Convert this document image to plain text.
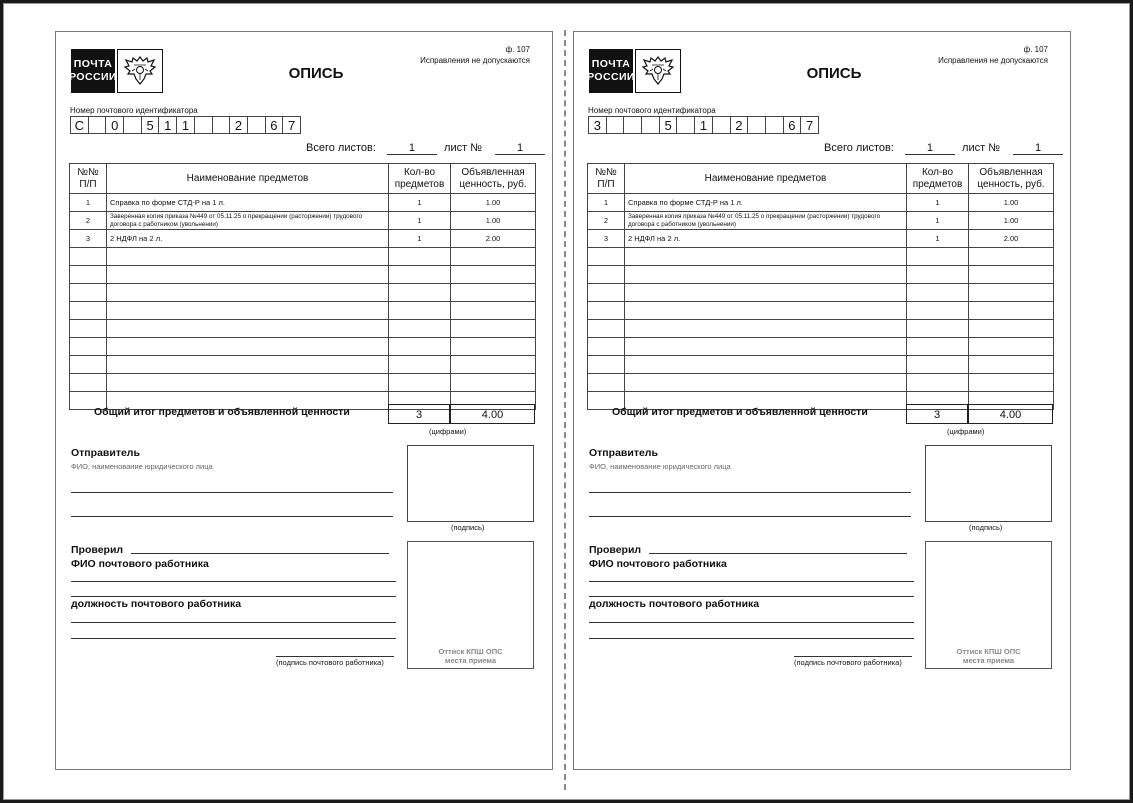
ПОЧТА
РОССИИ	ОПИСЬ
ф. 107
Исправления не допускаются
Номер почтового идентификатора
С	0	5 1 1	2	6 7
Всего листов:	1	лист №	1
№№ П/П	Наименование предметов	Кол-во предметов	Объявленная ценность, руб.
1	Справка по форме СТД-Р на 1 л.	1	1.00
2	Заверенная копия приказа №449 от 05.11.25 о прекращении (расторжении) трудового договора с работником (увольнении)	1	1.00
3	2 НДФЛ на 2 л.	1	2.00

Общий итог предметов и объявленной ценности	3	4.00
(цифрами)
Отправитель
ФИО, наименование юридического лица
(подпись)
Проверил
ФИО почтового работника
должность почтового работника
(подпись почтового работника)
Оттиск КПШ ОПС
места приема
ПОЧТА
РОССИИ	ОПИСЬ
ф. 107
Исправления не допускаются
Номер почтового идентификатора
3	5	1	2	6 7
Всего листов:	1	лист №	1
№№ П/П	Наименование предметов	Кол-во предметов	Объявленная ценность, руб.
1	Справка по форме СТД-Р на 1 л.	1	1.00
2	Заверенная копия приказа №449 от 05.11.25 о прекращении (расторжении) трудового договора с работником (увольнении)	1	1.00
3	2 НДФЛ на 2 л.	1	2.00

Общий итог предметов и объявленной ценности	3	4.00
(цифрами)
Отправитель
ФИО, наименование юридического лица
(подпись)
Проверил
ФИО почтового работника
должность почтового работника
(подпись почтового работника)
Оттиск КПШ ОПС
места приема
